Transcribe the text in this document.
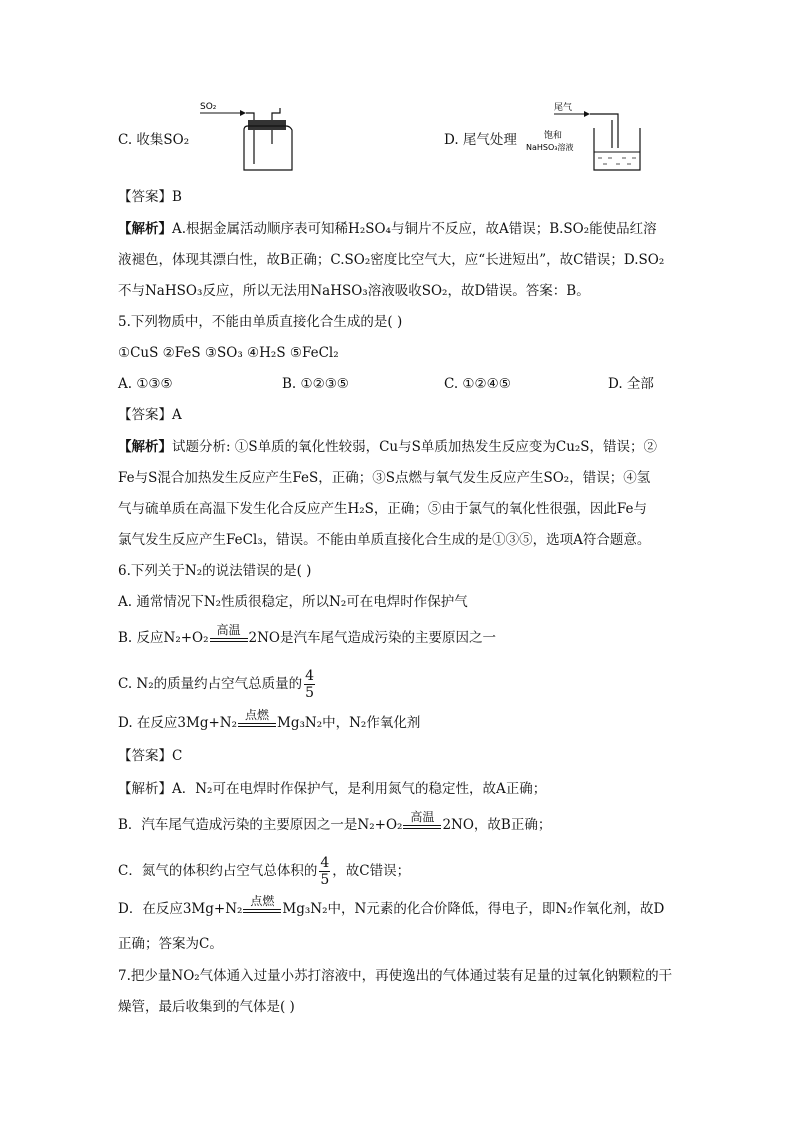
C. 收集SO₂
SO₂
D. 尾气处理
尾气
饱和
NaHSO₃溶液
【答案】B
【解析】A.根据金属活动顺序表可知稀H₂SO₄与铜片不反应，故A错误；B.SO₂能使品红溶
液褪色，体现其漂白性，故B正确；C.SO₂密度比空气大，应“长进短出”，故C错误；D.SO₂
不与NaHSO₃反应，所以无法用NaHSO₃溶液吸收SO₂，故D错误。答案：B。
5.下列物质中，不能由单质直接化合生成的是( )
①CuS ②FeS ③SO₃ ④H₂S ⑤FeCl₂
A. ①③⑤	B. ①②③⑤	C. ①②④⑤	D. 全部
【答案】A
【解析】试题分析: ①S单质的氧化性较弱，Cu与S单质加热发生反应变为Cu₂S，错误；②
Fe与S混合加热发生反应产生FeS，正确；③S点燃与氧气发生反应产生SO₂，错误；④氢
气与硫单质在高温下发生化合反应产生H₂S，正确；⑤由于氯气的氧化性很强，因此Fe与
氯气发生反应产生FeCl₃，错误。不能由单质直接化合生成的是①③⑤，选项A符合题意。
6.下列关于N₂的说法错误的是( )
A. 通常情况下N₂性质很稳定，所以N₂可在电焊时作保护气
B. 反应N₂+O₂ 高温 2NO是汽车尾气造成污染的主要原因之一
C. N₂的质量约占空气总质量的 $\frac{4}{5}$
D. 在反应3Mg+N₂ 点燃 Mg₃N₂中，N₂作氧化剂
【答案】C
【解析】A．N₂可在电焊时作保护气，是利用氮气的稳定性，故A正确；
B．汽车尾气造成污染的主要原因之一是N₂+O₂ 高温 2NO，故B正确；
C．氮气的体积约占空气总体积的 $\frac{4}{5}$ ，故C错误；
D．在反应3Mg+N₂ 点燃 Mg₃N₂中，N元素的化合价降低，得电子，即N₂作氧化剂，故D
正确；答案为C。
7.把少量NO₂气体通入过量小苏打溶液中，再使逸出的气体通过装有足量的过氧化钠颗粒的干
燥管，最后收集到的气体是( )
